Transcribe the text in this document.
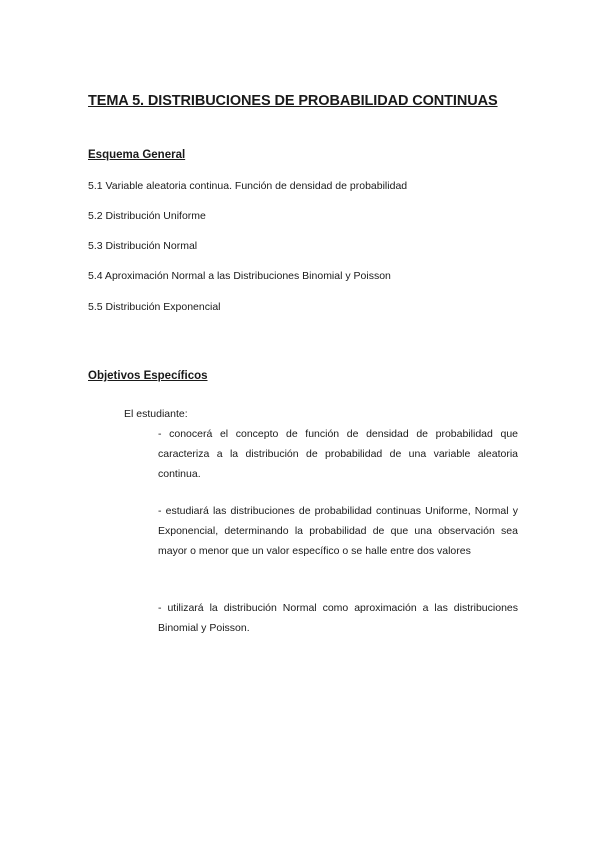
TEMA 5. DISTRIBUCIONES DE PROBABILIDAD CONTINUAS
Esquema General
5.1 Variable aleatoria continua. Función de densidad de probabilidad
5.2 Distribución Uniforme
5.3 Distribución Normal
5.4 Aproximación Normal a las Distribuciones Binomial y Poisson
5.5 Distribución Exponencial
Objetivos Específicos
El estudiante:
- conocerá el concepto de función de densidad de probabilidad que caracteriza a la distribución de probabilidad de una variable aleatoria continua.
- estudiará las distribuciones de probabilidad continuas Uniforme, Normal y Exponencial, determinando la probabilidad de que una observación sea mayor o menor que un valor específico o se halle entre dos valores
- utilizará la distribución Normal como aproximación a las distribuciones Binomial y Poisson.
